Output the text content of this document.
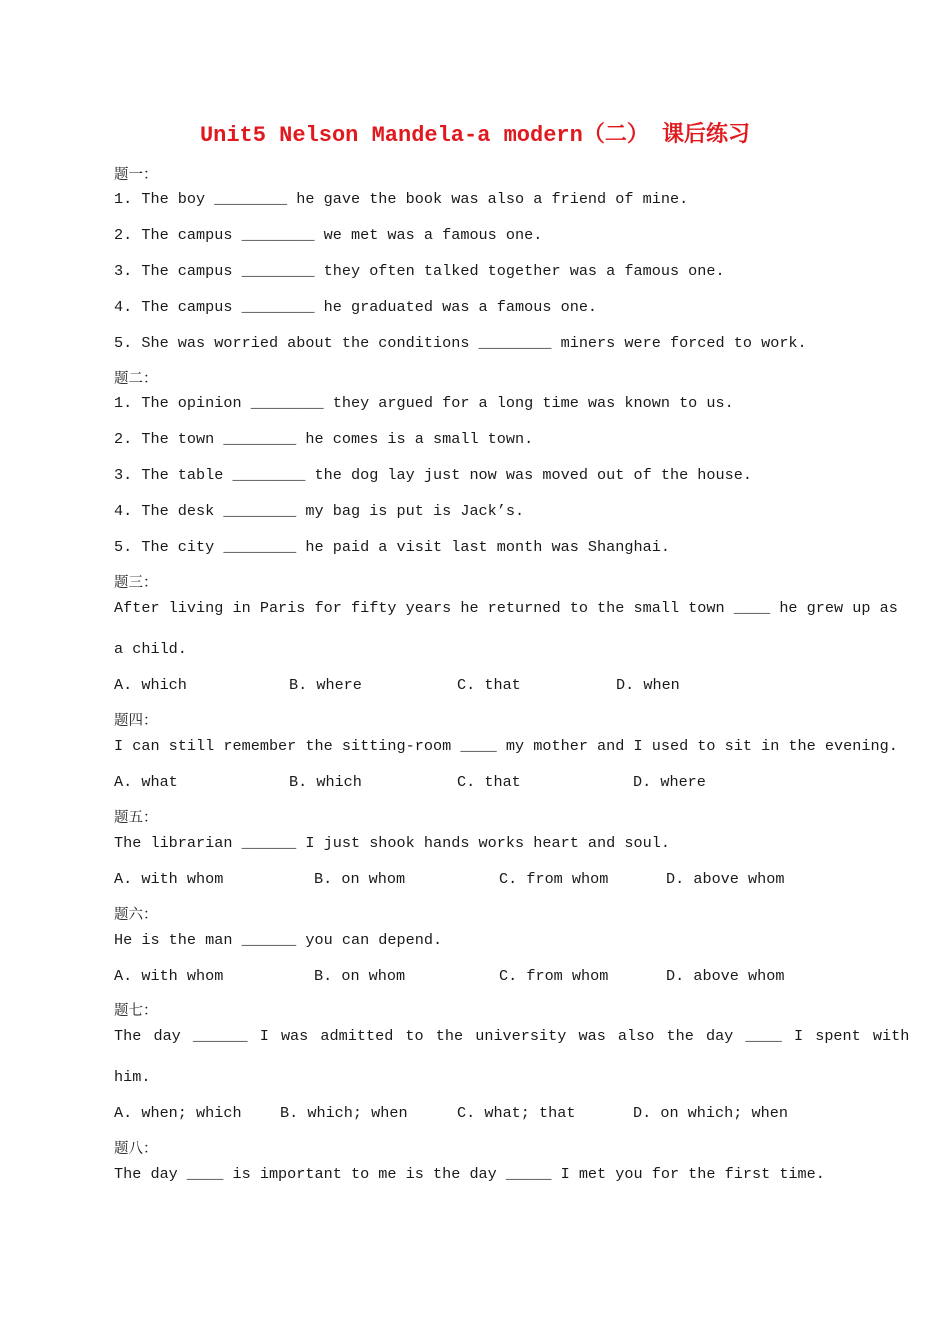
Unit5 Nelson Mandela-a modern（二） 课后练习
题一：
1. The boy ________ he gave the book was also a friend of mine.
2. The campus ________ we met was a famous one.
3. The campus ________ they often talked together was a famous one.
4. The campus ________ he graduated was a famous one.
5. She was worried about the conditions ________ miners were forced to work.
题二：
1. The opinion ________ they argued for a long time was known to us.
2. The town ________ he comes is a small town.
3. The table ________ the dog lay just now was moved out of the house.
4. The desk ________ my bag is put is Jack’s.
5. The city ________ he paid a visit last month was Shanghai.
题三：
After living in Paris for fifty years he returned to the small town ____ he grew up as
a child.
A. which	B. where	C. that	D. when
题四：
I can still remember the sitting-room ____ my mother and I used to sit in the evening.
A. what	B. which	C. that	D. where
题五：
The librarian ______ I just shook hands works heart and soul.
A. with whom	B. on whom	C. from whom	D. above whom
题六：
He is the man ______ you can depend.
A. with whom	B. on whom	C. from whom	D. above whom
题七：
The day ______ I was admitted to the university was also the day ____ I spent with
him.
A. when; which	B. which; when	C. what; that	D. on which; when
题八：
The day ____ is important to me is the day _____ I met you for the first time.
